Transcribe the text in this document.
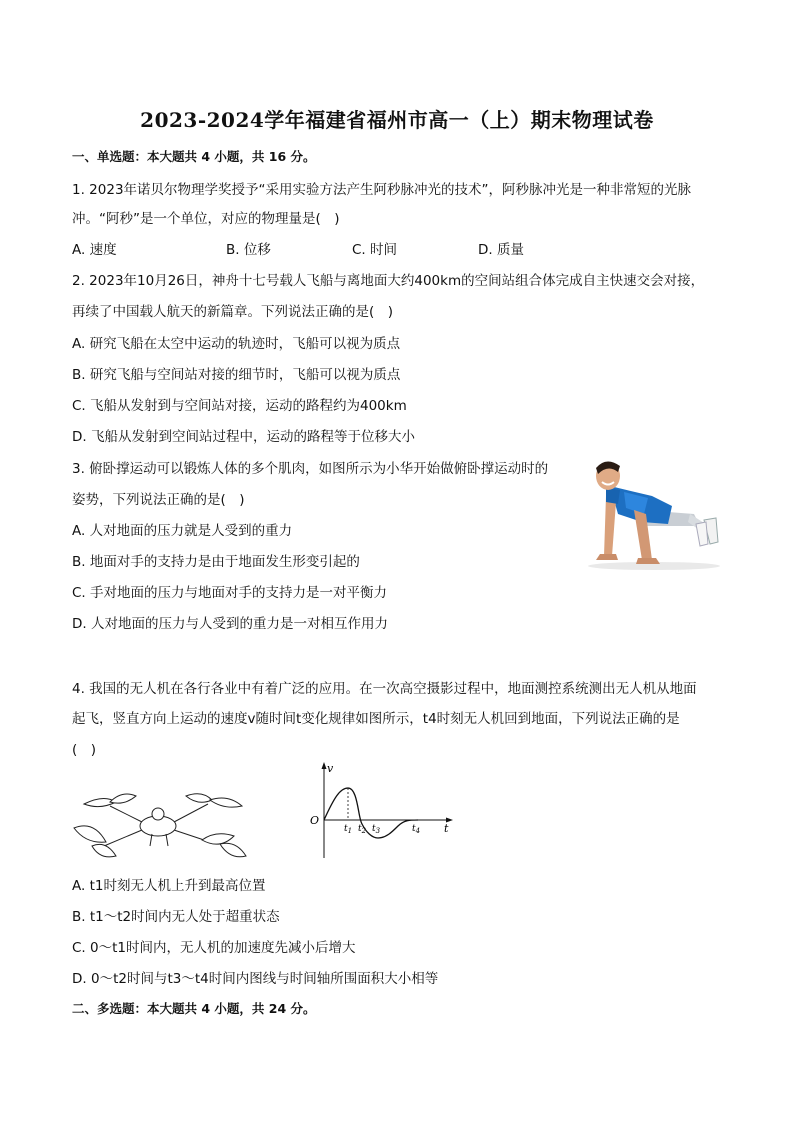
2023-2024学年福建省福州市高一（上）期末物理试卷
一、单选题：本大题共 4 小题，共 16 分。
1. 2023年诺贝尔物理学奖授予“采用实验方法产生阿秒脉冲光的技术”，阿秒脉冲光是一种非常短的光脉
冲。“阿秒”是一个单位，对应的物理量是(　)
A. 速度	B. 位移	C. 时间	D. 质量
2. 2023年10月26日，神舟十七号载人飞船与离地面大约400km的空间站组合体完成自主快速交会对接，
再续了中国载人航天的新篇章。下列说法正确的是(　)
A. 研究飞船在太空中运动的轨迹时，飞船可以视为质点
B. 研究飞船与空间站对接的细节时，飞船可以视为质点
C. 飞船从发射到与空间站对接，运动的路程约为400km
D. 飞船从发射到空间站过程中，运动的路程等于位移大小
3. 俯卧撑运动可以锻炼人体的多个肌肉，如图所示为小华开始做俯卧撑运动时的
姿势，下列说法正确的是(　)
A. 人对地面的压力就是人受到的重力
B. 地面对手的支持力是由于地面发生形变引起的
C. 手对地面的压力与地面对手的支持力是一对平衡力
D. 人对地面的压力与人受到的重力是一对相互作用力
4. 我国的无人机在各行各业中有着广泛的应用。在一次高空摄影过程中，地面测控系统测出无人机从地面
起飞，竖直方向上运动的速度v随时间t变化规律如图所示，t4时刻无人机回到地面，下列说法正确的是
(　)
v
O
t
$t_1$ $t_2$ $t_3$	$t_4$
A. t1时刻无人机上升到最高位置
B. t1～t2时间内无人处于超重状态
C. 0～t1时间内，无人机的加速度先减小后增大
D. 0～t2时间与t3～t4时间内图线与时间轴所围面积大小相等
二、多选题：本大题共 4 小题，共 24 分。
